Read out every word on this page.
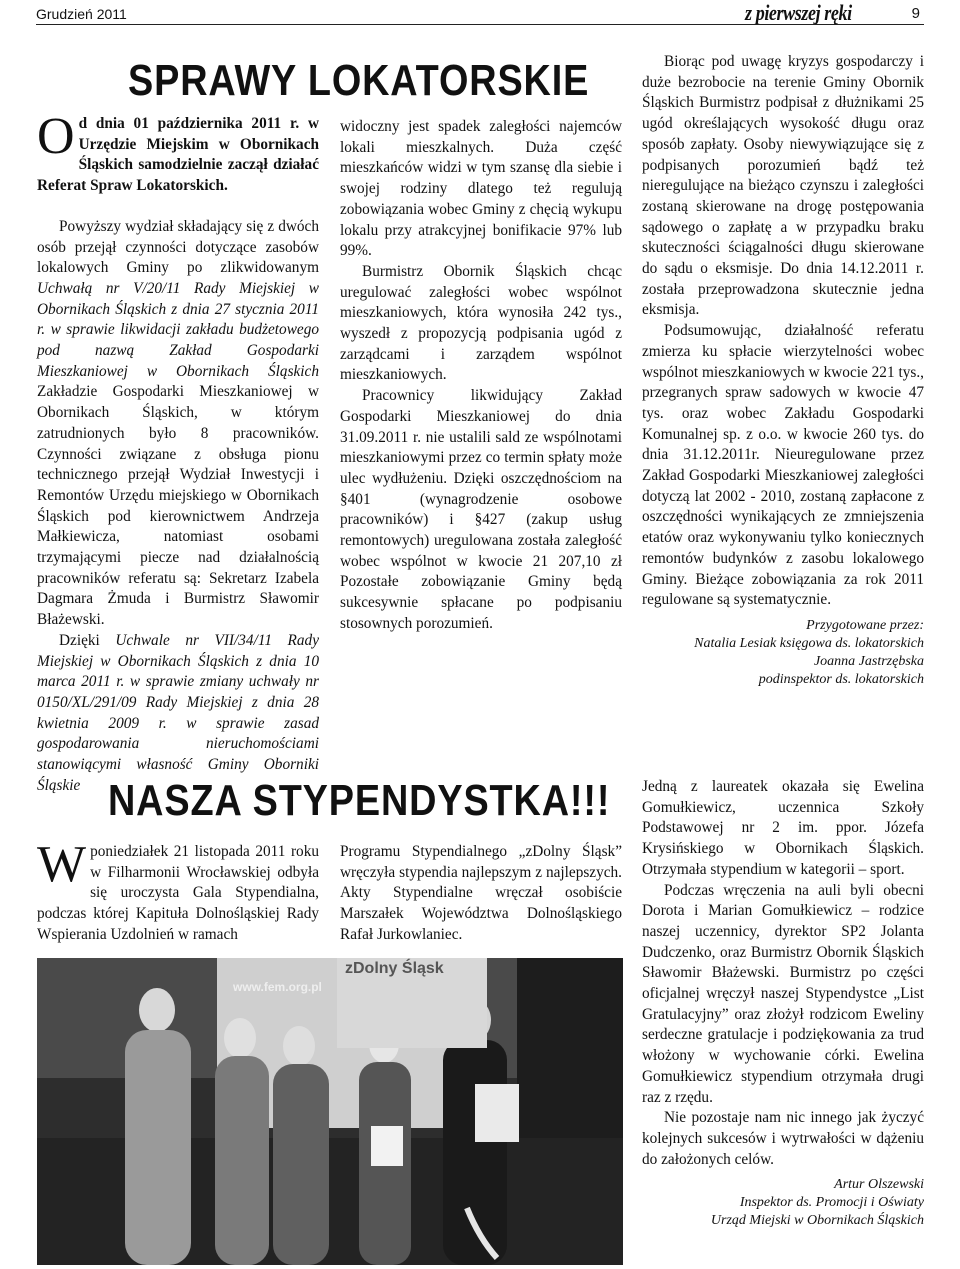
Grudzień 2011	z pierwszej ręki	9
SPRAWY LOKATORSKIE

Od dnia 01 października 2011 r. w Urzędzie Miejskim w Obornikach Śląskich samodzielnie zaczął działać Referat Spraw Lokatorskich.

Powyższy wydział składający się z dwóch osób przejął czynności dotyczące zasobów lokalowych Gminy po zlikwidowanym Uchwałą nr V/20/11 Rady Miejskiej w Obornikach Śląskich z dnia 27 stycznia 2011 r. w sprawie likwidacji zakładu budżetowego pod nazwą Zakład Gospodarki Mieszkaniowej w Obornikach Śląskich Zakładzie Gospodarki Mieszkaniowej w Obornikach Śląskich, w którym zatrudnionych było 8 pracowników. Czynności związane z obsługa pionu technicznego przejął Wydział Inwestycji i Remontów Urzędu miejskiego w Obornikach Śląskich pod kierownictwem Andrzeja Małkiewicza, natomiast osobami trzymającymi piecze nad działalnością pracowników referatu są: Sekretarz Izabela Dagmara Żmuda i Burmistrz Sławomir Błażewski.

Dzięki Uchwale nr VII/34/11 Rady Miejskiej w Obornikach Śląskich z dnia 10 marca 2011 r. w sprawie zmiany uchwały nr 0150/XL/291/09 Rady Miejskiej z dnia 28 kwietnia 2009 r. w sprawie zasad gospodarowania nieruchomościami stanowiącymi własność Gminy Oborniki Śląskie

widoczny jest spadek zaległości najemców lokali mieszkalnych. Duża część mieszkańców widzi w tym szansę dla siebie i swojej rodziny dlatego też regulują zobowiązania wobec Gminy z chęcią wykupu lokalu przy atrakcyjnej bonifikacie 97% lub 99%.

Burmistrz Obornik Śląskich chcąc uregulować zaległości wobec wspólnot mieszkaniowych, która wynosiła 242 tys., wyszedł z propozycją podpisania ugód z zarządcami i zarządem wspólnot mieszkaniowych.

Pracownicy likwidujący Zakład Gospodarki Mieszkaniowej do dnia 31.09.2011 r. nie ustalili sald ze wspólnotami mieszkaniowymi przez co termin spłaty może ulec wydłużeniu. Dzięki oszczędnościom na §401 (wynagrodzenie osobowe pracowników) i §427 (zakup usług remontowych) uregulowana została zaległość wobec wspólnot w kwocie 21 207,10 zł Pozostałe zobowiązanie Gminy będą sukcesywnie spłacane po podpisaniu stosownych porozumień.

Biorąc pod uwagę kryzys gospodarczy i duże bezrobocie na terenie Gminy Obornik Śląskich Burmistrz podpisał z dłużnikami 25 ugód określających wysokość długu oraz sposób zapłaty. Osoby niewywiązujące się z podpisanych porozumień bądź też nieregulujące na bieżąco czynszu i zaległości zostaną skierowane na drogę postępowania sądowego o zapłatę a w przypadku braku skuteczności ściągalności długu skierowane do sądu o eksmisje. Do dnia 14.12.2011 r. została przeprowadzona skutecznie jedna eksmisja.

Podsumowując, działalność referatu zmierza ku spłacie wierzytelności wobec wspólnot mieszkaniowych w kwocie 221 tys., przegranych spraw sadowych w kwocie 47 tys. oraz wobec Zakładu Gospodarki Komunalnej sp. z o.o. w kwocie 260 tys. do dnia 31.12.2011r. Nieuregulowane przez Zakład Gospodarki Mieszkaniowej zaległości dotyczą lat 2002 - 2010, zostaną zapłacone z oszczędności wynikających ze zmniejszenia etatów oraz wykonywaniu tylko koniecznych remontów budynków z zasobu lokalowego Gminy. Bieżące zobowiązania za rok 2011 regulowane są systematycznie.

Przygotowane przez:

Natalia Lesiak księgowa ds. lokatorskich

Joanna Jastrzębska

podinspektor ds. lokatorskich

NASZA STYPENDYSTKA!!!

Wponiedziałek 21 listopada 2011 roku w Filharmonii Wrocławskiej odbyła się uroczysta Gala Stypendialna, podczas której Kapituła Dolnośląskiej Rady Wspierania Uzdolnień w ramach

Programu Stypendialnego „zDolny Śląsk” wręczyła stypendia najlepszym z najlepszych. Akty Stypendialne wręczał osobiście Marszałek Województwa Dolnośląskiego Rafał Jurkowlaniec.

zDolny Śląsk
www.fem.org.pl

Jedną z laureatek okazała się Ewelina Gomułkiewicz, uczennica Szkoły Podstawowej nr 2 im. ppor. Józefa Krysińskiego w Obornikach Śląskich. Otrzymała stypendium w kategorii – sport.

Podczas wręczenia na auli byli obecni Dorota i Marian Gomułkiewicz – rodzice naszej uczennicy, dyrektor SP2 Jolanta Dudczenko, oraz Burmistrz Obornik Śląskich Sławomir Błażewski. Burmistrz po części oficjalnej wręczył naszej Stypendystce „List Gratulacyjny” oraz złożył rodzicom Eweliny serdeczne gratulacje i podziękowania za trud włożony w wychowanie córki. Ewelina Gomułkiewicz stypendium otrzymała drugi raz z rzędu.

Nie pozostaje nam nic innego jak życzyć kolejnych sukcesów i wytrwałości w dążeniu do założonych celów.

Artur Olszewski

Inspektor ds. Promocji i Oświaty

Urząd Miejski w Obornikach Śląskich
